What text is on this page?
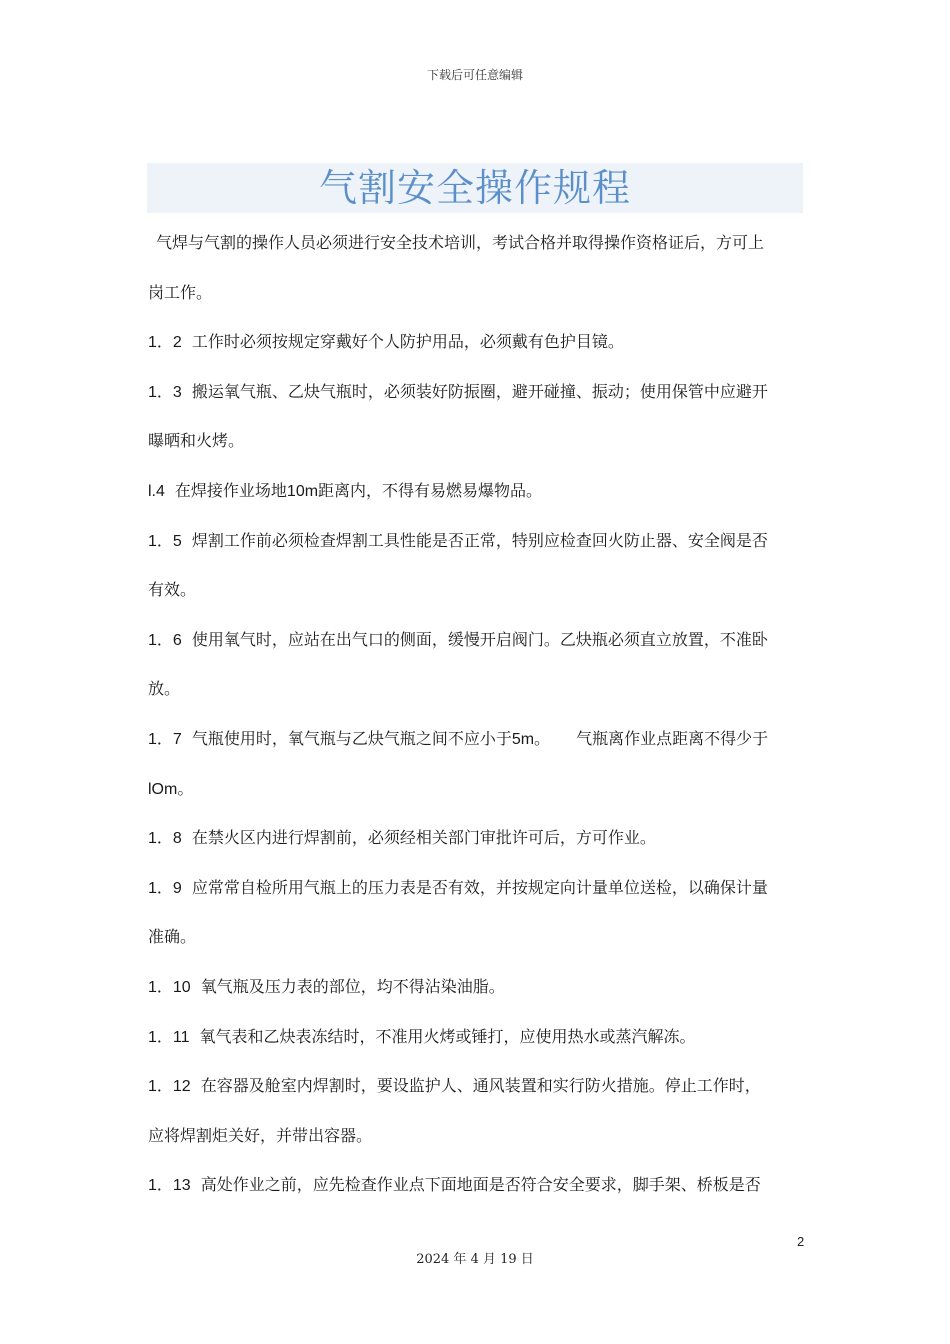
下载后可任意编辑
气割安全操作规程
气焊与气割的操作人员必须进行安全技术培训，考试合格并取得操作资格证后，方可上
岗工作。
1．2 工作时必须按规定穿戴好个人防护用品，必须戴有色护目镜。
1．3 搬运氧气瓶、乙炔气瓶时，必须装好防振圈，避开碰撞、振动；使用保管中应避开
曝晒和火烤。
l.4 在焊接作业场地10m距离内，不得有易燃易爆物品。
1．5 焊割工作前必须检查焊割工具性能是否正常，特别应检查回火防止器、安全阀是否
有效。
1．6 使用氧气时，应站在出气口的侧面，缓慢开启阀门。乙炔瓶必须直立放置，不准卧
放。
1．7 气瓶使用时，氧气瓶与乙炔气瓶之间不应小于5m。 气瓶离作业点距离不得少于
lOm。
1．8 在禁火区内进行焊割前，必须经相关部门审批许可后，方可作业。
1．9 应常常自检所用气瓶上的压力表是否有效，并按规定向计量单位送检，以确保计量
准确。
1．10 氧气瓶及压力表的部位，均不得沾染油脂。
1．11 氧气表和乙炔表冻结时，不准用火烤或锤打，应使用热水或蒸汽解冻。
1．12 在容器及舱室内焊割时，要设监护人、通风装置和实行防火措施。停止工作时，
应将焊割炬关好，并带出容器。
1．13 高处作业之前，应先检查作业点下面地面是否符合安全要求，脚手架、桥板是否
2
2024 年 4 月 19 日
